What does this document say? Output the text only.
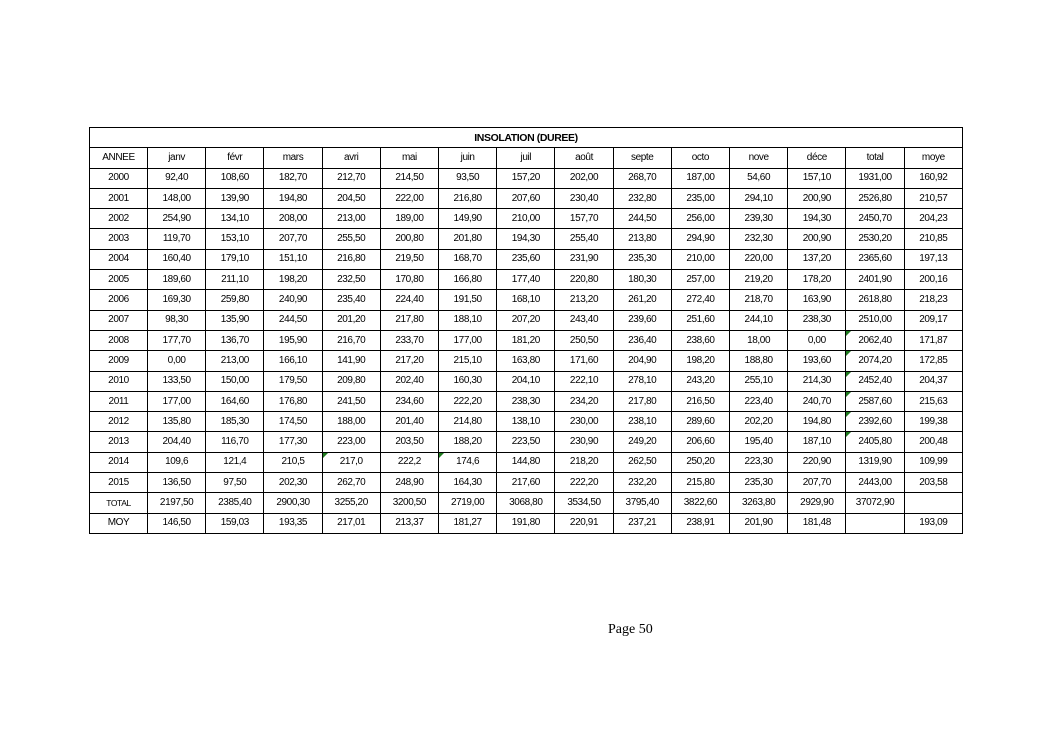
INSOLATION (DUREE)														
ANNEE	janv	févr	mars	avri	mai	juin	juil	août	septe	octo	nove	déce	total	moye
2000	92,40	108,60	182,70	212,70	214,50	93,50	157,20	202,00	268,70	187,00	54,60	157,10	1931,00	160,92
2001	148,00	139,90	194,80	204,50	222,00	216,80	207,60	230,40	232,80	235,00	294,10	200,90	2526,80	210,57
2002	254,90	134,10	208,00	213,00	189,00	149,90	210,00	157,70	244,50	256,00	239,30	194,30	2450,70	204,23
2003	119,70	153,10	207,70	255,50	200,80	201,80	194,30	255,40	213,80	294,90	232,30	200,90	2530,20	210,85
2004	160,40	179,10	151,10	216,80	219,50	168,70	235,60	231,90	235,30	210,00	220,00	137,20	2365,60	197,13
2005	189,60	211,10	198,20	232,50	170,80	166,80	177,40	220,80	180,30	257,00	219,20	178,20	2401,90	200,16
2006	169,30	259,80	240,90	235,40	224,40	191,50	168,10	213,20	261,20	272,40	218,70	163,90	2618,80	218,23
2007	98,30	135,90	244,50	201,20	217,80	188,10	207,20	243,40	239,60	251,60	244,10	238,30	2510,00	209,17
2008	177,70	136,70	195,90	216,70	233,70	177,00	181,20	250,50	236,40	238,60	18,00	0,00	2062,40	171,87
2009	0,00	213,00	166,10	141,90	217,20	215,10	163,80	171,60	204,90	198,20	188,80	193,60	2074,20	172,85
2010	133,50	150,00	179,50	209,80	202,40	160,30	204,10	222,10	278,10	243,20	255,10	214,30	2452,40	204,37
2011	177,00	164,60	176,80	241,50	234,60	222,20	238,30	234,20	217,80	216,50	223,40	240,70	2587,60	215,63
2012	135,80	185,30	174,50	188,00	201,40	214,80	138,10	230,00	238,10	289,60	202,20	194,80	2392,60	199,38
2013	204,40	116,70	177,30	223,00	203,50	188,20	223,50	230,90	249,20	206,60	195,40	187,10	2405,80	200,48
2014	109,6	121,4	210,5	217,0	222,2	174,6	144,80	218,20	262,50	250,20	223,30	220,90	1319,90	109,99
2015	136,50	97,50	202,30	262,70	248,90	164,30	217,60	222,20	232,20	215,80	235,30	207,70	2443,00	203,58
TOTAL	2197,50	2385,40	2900,30	3255,20	3200,50	2719,00	3068,80	3534,50	3795,40	3822,60	3263,80	2929,90	37072,90	
MOY	146,50	159,03	193,35	217,01	213,37	181,27	191,80	220,91	237,21	238,91	201,90	181,48		193,09
Page 50
